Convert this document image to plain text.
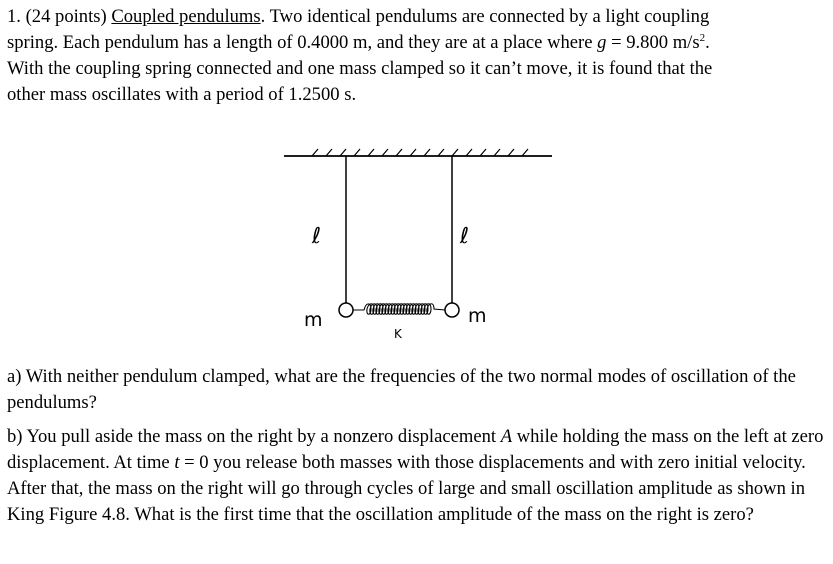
1. (24 points) Coupled pendulums. Two identical pendulums are connected by a light coupling
spring. Each pendulum has a length of 0.4000 m, and they are at a place where g = 9.800 $m/s^2$.
With the coupling spring connected and one mass clamped so it can’t move, it is found that the
other mass oscillates with a period of 1.2500 s.

ℓ	ℓ
m	m
K

a) With neither pendulum clamped, what are the frequencies of the two normal modes of oscillation of the pendulums?

b) You pull aside the mass on the right by a nonzero displacement A while holding the mass on the left at zero displacement. At time t = 0 you release both masses with those displacements and with zero initial velocity. After that, the mass on the right will go through cycles of large and small oscillation amplitude as shown in King Figure 4.8. What is the first time that the oscillation amplitude of the mass on the right is zero?
